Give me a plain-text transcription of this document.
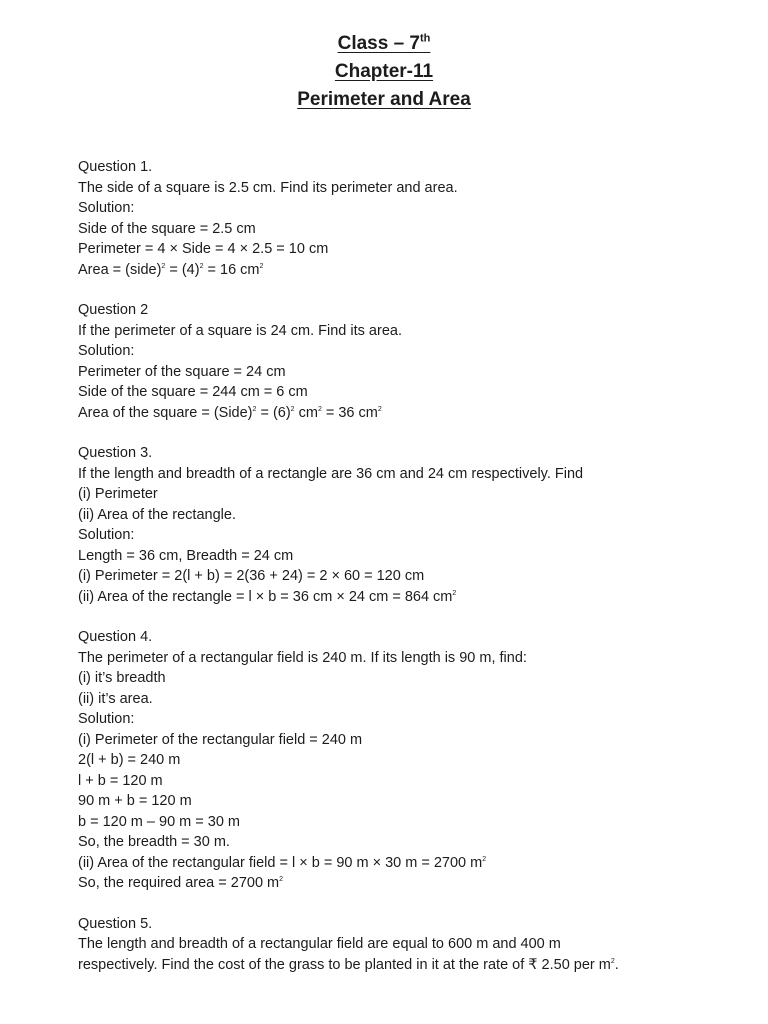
Class – 7th
Chapter-11
Perimeter and Area
Question 1.
The side of a square is 2.5 cm. Find its perimeter and area.
Solution:
Side of the square = 2.5 cm
Perimeter = 4 × Side = 4 × 2.5 = 10 cm
Area = (side)$^2$ = $(4)^2 = 16$ $cm^2$
Question 2
If the perimeter of a square is 24 cm. Find its area.
Solution:
Perimeter of the square = 24 cm
Side of the square = 244 cm = 6 cm
Area of the square = (Side)$^2$ = $(6)^2$ $cm^2 = 36$ $cm^2$
Question 3.
If the length and breadth of a rectangle are 36 cm and 24 cm respectively. Find
(i) Perimeter
(ii) Area of the rectangle.
Solution:
Length = 36 cm, Breadth = 24 cm
(i) Perimeter = 2(l + b) = 2(36 + 24) = 2 × 60 = 120 cm
(ii) Area of the rectangle = l × b = 36 cm × 24 cm = 864 $cm^2$
Question 4.
The perimeter of a rectangular field is 240 m. If its length is 90 m, find:
(i) it’s breadth
(ii) it’s area.
Solution:
(i) Perimeter of the rectangular field = 240 m
2(l + b) = 240 m
l + b = 120 m
90 m + b = 120 m
b = 120 m – 90 m = 30 m
So, the breadth = 30 m.
(ii) Area of the rectangular field = l × b = 90 m × 30 m = 2700 $m^2$
So, the required area = 2700 $m^2$
Question 5.
The length and breadth of a rectangular field are equal to 600 m and 400 m
respectively. Find the cost of the grass to be planted in it at the rate of ₹ 2.50 per $m^2$.
